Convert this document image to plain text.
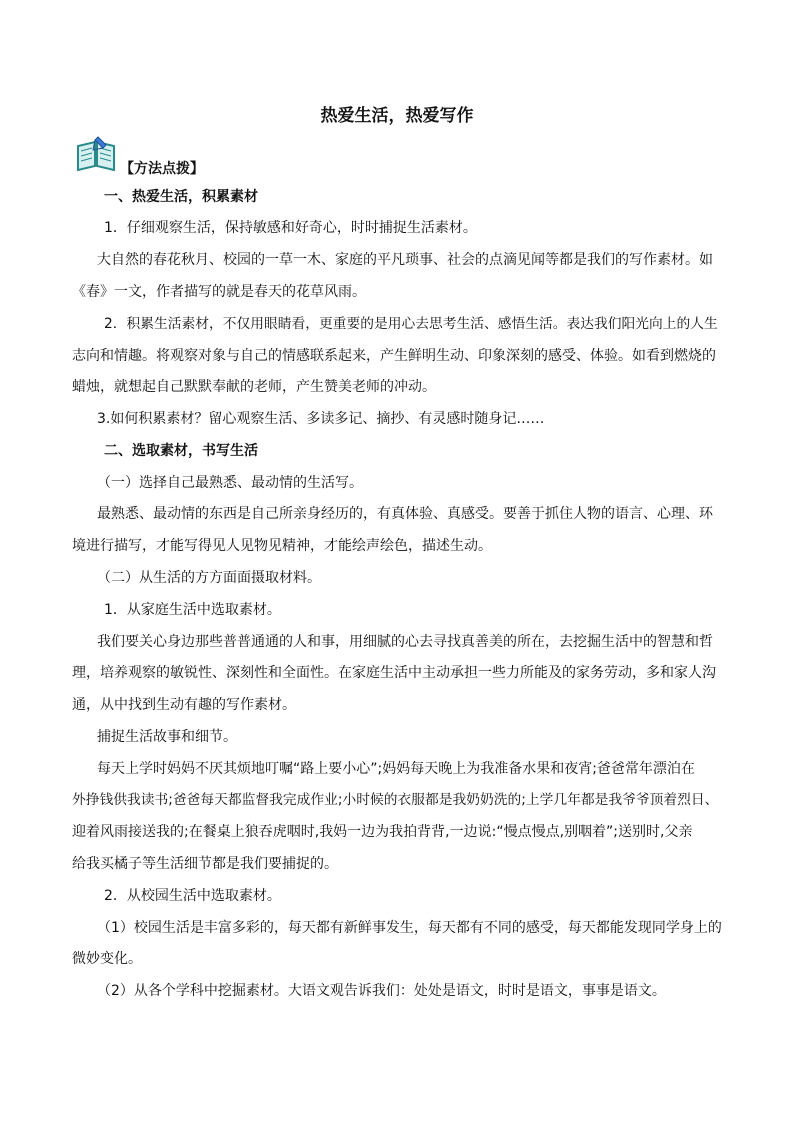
热爱生活，热爱写作
【方法点拨】
一、热爱生活，积累素材
1．仔细观察生活，保持敏感和好奇心，时时捕捉生活素材。
大自然的春花秋月、校园的一草一木、家庭的平凡琐事、社会的点滴见闻等都是我们的写作素材。如
《春》一文，作者描写的就是春天的花草风雨。
2．积累生活素材，不仅用眼睛看，更重要的是用心去思考生活、感悟生活。表达我们阳光向上的人生
志向和情趣。将观察对象与自己的情感联系起来，产生鲜明生动、印象深刻的感受、体验。如看到燃烧的
蜡烛，就想起自己默默奉献的老师，产生赞美老师的冲动。
3.如何积累素材？留心观察生活、多读多记、摘抄、有灵感时随身记……
二、选取素材，书写生活
（一）选择自己最熟悉、最动情的生活写。
最熟悉、最动情的东西是自己所亲身经历的，有真体验、真感受。要善于抓住人物的语言、心理、环
境进行描写，才能写得见人见物见精神，才能绘声绘色，描述生动。
（二）从生活的方方面面摄取材料。
1．从家庭生活中选取素材。
我们要关心身边那些普普通通的人和事，用细腻的心去寻找真善美的所在，去挖掘生活中的智慧和哲
理，培养观察的敏锐性、深刻性和全面性。在家庭生活中主动承担一些力所能及的家务劳动，多和家人沟
通，从中找到生动有趣的写作素材。
捕捉生活故事和细节。
每天上学时妈妈不厌其烦地叮嘱“路上要小心”;妈妈每天晚上为我准备水果和夜宵;爸爸常年漂泊在
外挣钱供我读书;爸爸每天都监督我完成作业;小时候的衣服都是我奶奶洗的;上学几年都是我爷爷顶着烈日、
迎着风雨接送我的;在餐桌上狼吞虎咽时,我妈一边为我拍背背,一边说:“慢点慢点,别咽着”;送别时,父亲
给我买橘子等生活细节都是我们要捕捉的。
2．从校园生活中选取素材。
（1）校园生活是丰富多彩的，每天都有新鲜事发生，每天都有不同的感受，每天都能发现同学身上的
微妙变化。
（2）从各个学科中挖掘素材。大语文观告诉我们：处处是语文，时时是语文，事事是语文。
